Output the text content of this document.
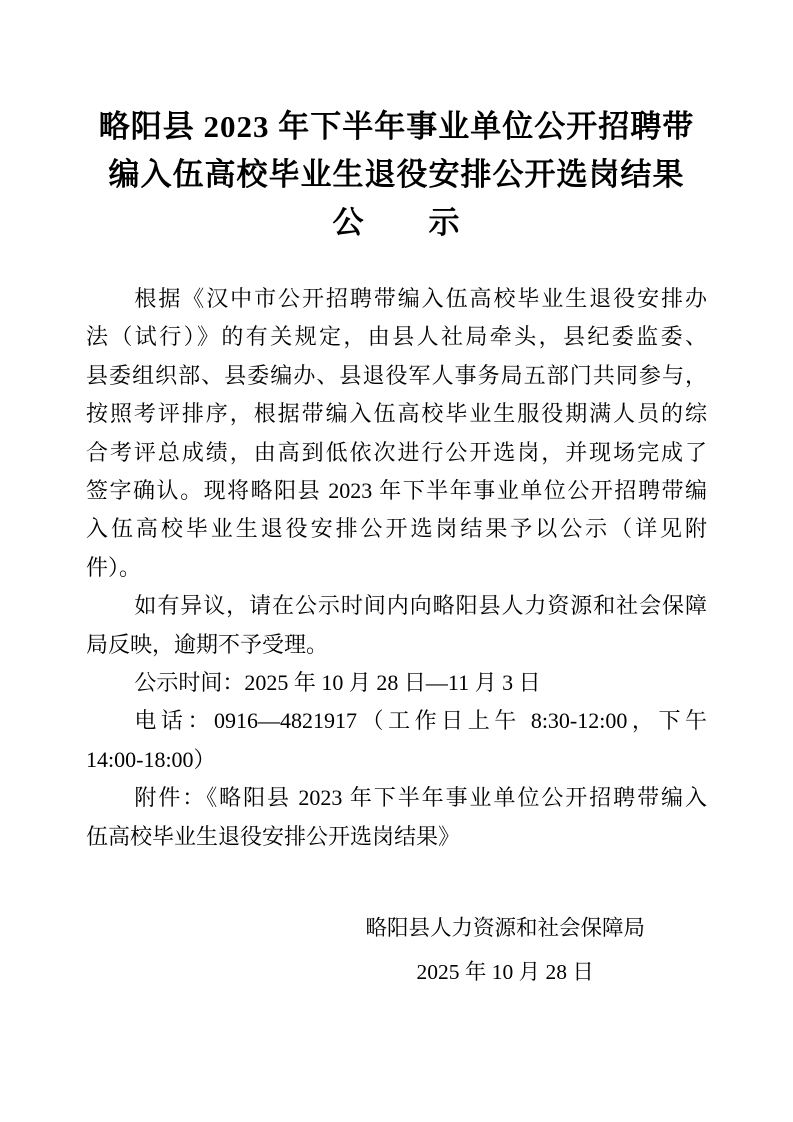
略阳县 2023 年下半年事业单位公开招聘带
编入伍高校毕业生退役安排公开选岗结果
公　　示
根据《汉中市公开招聘带编入伍高校毕业生退役安排办
法（试行）》的有关规定，由县人社局牵头，县纪委监委、
县委组织部、县委编办、县退役军人事务局五部门共同参与，
按照考评排序，根据带编入伍高校毕业生服役期满人员的综
合考评总成绩，由高到低依次进行公开选岗，并现场完成了
签字确认。现将略阳县 2023 年下半年事业单位公开招聘带编
入伍高校毕业生退役安排公开选岗结果予以公示（详见附
件）。
如有异议，请在公示时间内向略阳县人力资源和社会保障
局反映，逾期不予受理。
公示时间：2025 年 10 月 28 日—11 月 3 日
电话：0916—4821917（工作日上午 8:30-12:00，下午
14:00-18:00）
附件：《略阳县 2023 年下半年事业单位公开招聘带编入
伍高校毕业生退役安排公开选岗结果》
略阳县人力资源和社会保障局
2025 年 10 月 28 日
